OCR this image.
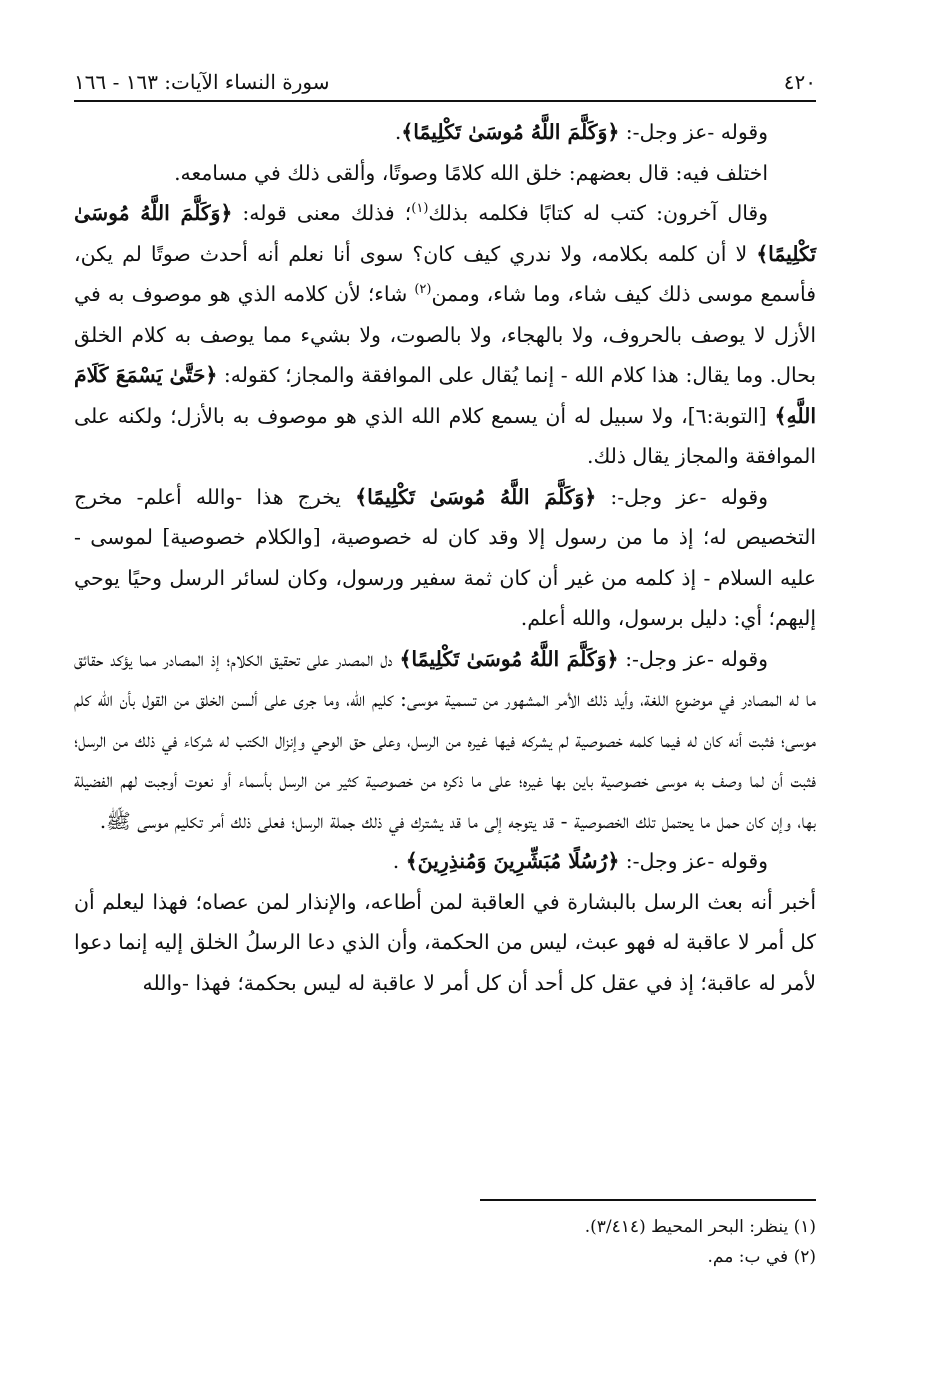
٤٢٠
سورة النساء الآيات: ١٦٣ - ١٦٦

وقوله -عز وجل-: ﴿وَكَلَّمَ اللَّهُ مُوسَىٰ تَكْلِيمًا﴾.

اختلف فيه: قال بعضهم: خلق الله كلامًا وصوتًا، وألقى ذلك في مسامعه.

وقال آخرون: كتب له كتابًا فكلمه بذلك$^{(١)}$؛ فذلك معنى قوله: ﴿وَكَلَّمَ اللَّهُ مُوسَىٰ تَكْلِيمًا﴾ لا أن كلمه بكلامه، ولا ندري كيف كان؟ سوى أنا نعلم أنه أحدث صوتًا لم يكن، فأسمع موسى ذلك كيف شاء، وما شاء، وممن$^{(٢)}$ شاء؛ لأن كلامه الذي هو موصوف به في الأزل لا يوصف بالحروف، ولا بالهجاء، ولا بالصوت، ولا بشيء مما يوصف به كلام الخلق بحال. وما يقال: هذا كلام الله - إنما يُقال على الموافقة والمجاز؛ كقوله: ﴿حَتَّىٰ يَسْمَعَ كَلَامَ اللَّهِ﴾ [التوبة:٦]، ولا سبيل له أن يسمع كلام الله الذي هو موصوف به بالأزل؛ ولكنه على الموافقة والمجاز يقال ذلك.

وقوله -عز وجل-: ﴿وَكَلَّمَ اللَّهُ مُوسَىٰ تَكْلِيمًا﴾ يخرج هذا -والله أعلم- مخرج التخصيص له؛ إذ ما من رسول إلا وقد كان له خصوصية، [والكلام خصوصية] لموسى - عليه السلام - إذ كلمه من غير أن كان ثمة سفير ورسول، وكان لسائر الرسل وحيًا يوحي إليهم؛ أي: دليل برسول، والله أعلم.

وقوله -عز وجل-: ﴿وَكَلَّمَ اللَّهُ مُوسَىٰ تَكْلِيمًا﴾ دل المصدر على تحقيق الكلام؛ إذ المصادر مما يؤكد حقائق ما له المصادر في موضوع اللغة، وأيد ذلك الأمر المشهور من تسمية موسى: كليم الله، وما جرى على ألسن الخلق من القول بأن الله كلم موسى؛ فثبت أنه كان له فيما كلمه خصوصية لم يشركه فيها غيره من الرسل، وعلى حق الوحي وإنزال الكتب له شركاء في ذلك من الرسل؛ فثبت أن لما وصف به موسى خصوصية باين بها غيره؛ على ما ذكره من خصوصية كثير من الرسل بأسماء أو نعوت أوجبت لهم الفضيلة بها، وإن كان حمل ما يحتمل تلك الخصوصية - قد يتوجه إلى ما قد يشترك في ذلك جملة الرسل؛ فعلى ذلك أمر تكليم موسى ﷺ.

وقوله -عز وجل-: ﴿رُسُلًا مُبَشِّرِينَ وَمُنذِرِينَ﴾ .

أخبر أنه بعث الرسل بالبشارة في العاقبة لمن أطاعه، والإنذار لمن عصاه؛ فهذا ليعلم أن كل أمر لا عاقبة له فهو عبث، ليس من الحكمة، وأن الذي دعا الرسلُ الخلق إليه إنما دعوا لأمر له عاقبة؛ إذ في عقل كل أحد أن كل أمر لا عاقبة له ليس بحكمة؛ فهذا -والله

(١) ينظر: البحر المحيط (٣/٤١٤).
(٢) في ب: مم.
